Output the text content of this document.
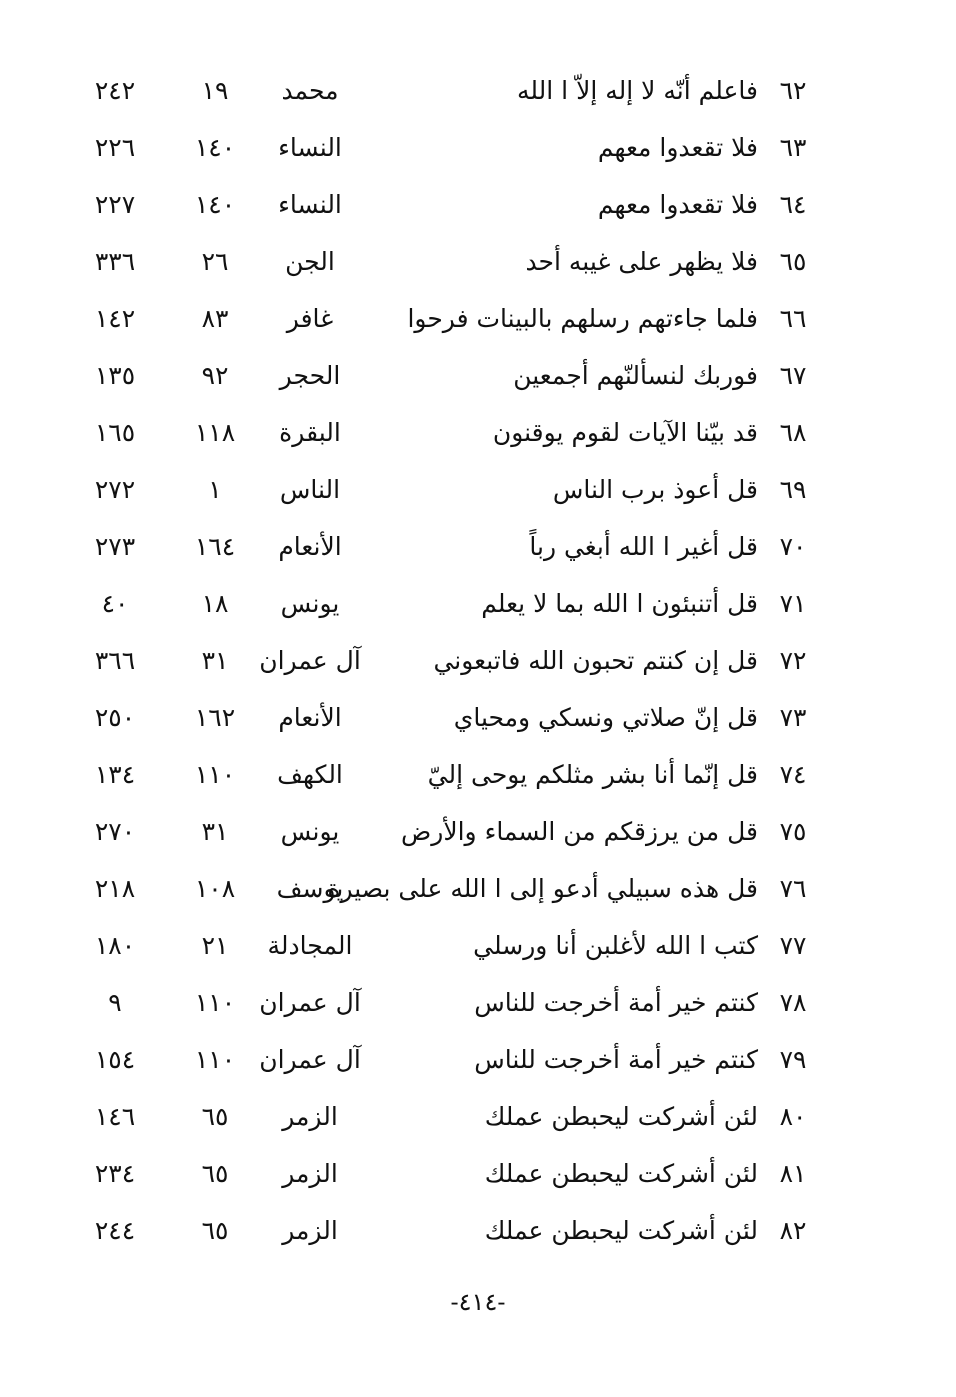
٦٢
فاعلم أنّه لا إله إلاّ ا الله
محمد
١٩
٢٤٢
٦٣
فلا تقعدوا معهم
النساء
١٤٠
٢٢٦
٦٤
فلا تقعدوا معهم
النساء
١٤٠
٢٢٧
٦٥
فلا يظهر على غيبه أحد
الجن
٢٦
٣٣٦
٦٦
فلما جاءتهم رسلهم بالبينات فرحوا
غافر
٨٣
١٤٢
٦٧
فوربك لنسألنّهم أجمعين
الحجر
٩٢
١٣٥
٦٨
قد بيّنا الآيات لقوم يوقنون
البقرة
١١٨
١٦٥
٦٩
قل أعوذ برب الناس
الناس
١
٢٧٢
٧٠
قل أغير ا الله أبغي رباً
الأنعام
١٦٤
٢٧٣
٧١
قل أتنبئون ا الله بما لا يعلم
يونس
١٨
٤٠
٧٢
قل إن كنتم تحبون الله فاتبعوني
آل عمران
٣١
٣٦٦
٧٣
قل إنّ صلاتي ونسكي ومحياي
الأنعام
١٦٢
٢٥٠
٧٤
قل إنّما أنا بشر مثلكم يوحى إليّ
الكهف
١١٠
١٣٤
٧٥
قل من يرزقكم من السماء والأرض
يونس
٣١
٢٧٠
٧٦
قل هذه سبيلي أدعو إلى ا الله على بصيرة
يوسف
١٠٨
٢١٨
٧٧
كتب ا الله لأغلبن أنا ورسلي
المجادلة
٢١
١٨٠
٧٨
كنتم خير أمة أخرجت للناس
آل عمران
١١٠
٩
٧٩
كنتم خير أمة أخرجت للناس
آل عمران
١١٠
١٥٤
٨٠
لئن أشركت ليحبطن عملك
الزمر
٦٥
١٤٦
٨١
لئن أشركت ليحبطن عملك
الزمر
٦٥
٢٣٤
٨٢
لئن أشركت ليحبطن عملك
الزمر
٦٥
٢٤٤
-٤١٤-
